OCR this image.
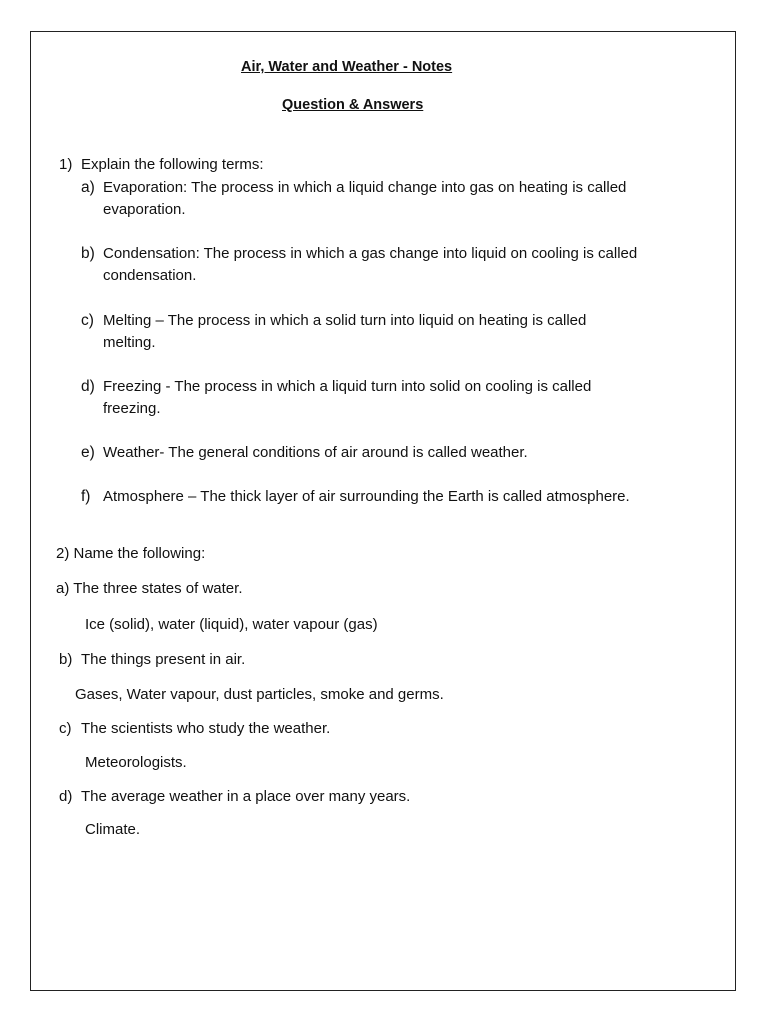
Air, Water and Weather - Notes
Question & Answers
1) Explain the following terms:
a) Evaporation: The process in which a liquid change into gas on heating is called
evaporation.
b) Condensation: The process in which a gas change into liquid on cooling is called
condensation.
c) Melting – The process in which a solid turn into liquid on heating is called
melting.
d) Freezing - The process in which a liquid turn into solid on cooling is called
freezing.
e) Weather- The general conditions of air around is called weather.
f) Atmosphere – The thick layer of air surrounding the Earth is called atmosphere.
2) Name the following:
a) The three states of water.
Ice (solid), water (liquid), water vapour (gas)
b) The things present in air.
Gases, Water vapour, dust particles, smoke and germs.
c) The scientists who study the weather.
Meteorologists.
d) The average weather in a place over many years.
Climate.
